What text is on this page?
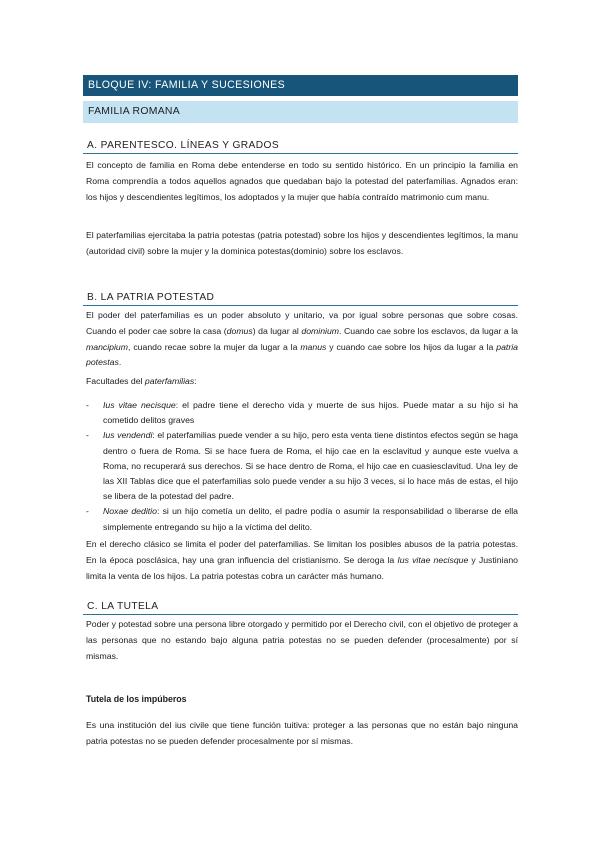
BLOQUE IV: FAMILIA Y SUCESIONES
FAMILIA ROMANA
A. PARENTESCO. LÍNEAS Y GRADOS

El concepto de familia en Roma debe entenderse en todo su sentido histórico. En un principio la familia en Roma comprendía a todos aquellos agnados que quedaban bajo la potestad del paterfamilias. Agnados eran: los hijos y descendientes legítimos, los adoptados y la mujer que había contraído matrimonio cum manu.

El paterfamilias ejercitaba la patria potestas (patria potestad) sobre los hijos y descendientes legítimos, la manu (autoridad civil) sobre la mujer y la dominica potestas(dominio) sobre los esclavos.

B. LA PATRIA POTESTAD

El poder del paterfamilias es un poder absoluto y unitario, va por igual sobre personas que sobre cosas. Cuando el poder cae sobre la casa (domus) da lugar al dominium. Cuando cae sobre los esclavos, da lugar a la mancipium, cuando recae sobre la mujer da lugar a la manus y cuando cae sobre los hijos da lugar a la patria potestas.

Facultades del paterfamilias:

- Ius vitae necisque: el padre tiene el derecho vida y muerte de sus hijos. Puede matar a su hijo si ha cometido delitos graves
- Ius vendendi: el paterfamilias puede vender a su hijo, pero esta venta tiene distintos efectos según se haga dentro o fuera de Roma. Si se hace fuera de Roma, el hijo cae en la esclavitud y aunque este vuelva a Roma, no recuperará sus derechos. Si se hace dentro de Roma, el hijo cae en cuasiesclavitud. Una ley de las XII Tablas dice que el paterfamilias solo puede vender a su hijo 3 veces, si lo hace más de estas, el hijo se libera de la potestad del padre.
- Noxae deditio: si un hijo cometía un delito, el padre podía o asumir la responsabilidad o liberarse de ella simplemente entregando su hijo a la víctima del delito.

En el derecho clásico se limita el poder del paterfamilias. Se limitan los posibles abusos de la patria potestas. En la época posclásica, hay una gran influencia del cristianismo. Se deroga la Ius vitae necisque y Justiniano limita la venta de los hijos. La patria potestas cobra un carácter más humano.

C. LA TUTELA

Poder y potestad sobre una persona libre otorgado y permitido por el Derecho civil, con el objetivo de proteger a las personas que no estando bajo alguna patria potestas no se pueden defender (procesalmente) por sí mismas.

Tutela de los impúberos

Es una institución del ius civile que tiene función tuitiva: proteger a las personas que no están bajo ninguna patria potestas no se pueden defender procesalmente por sí mismas.
